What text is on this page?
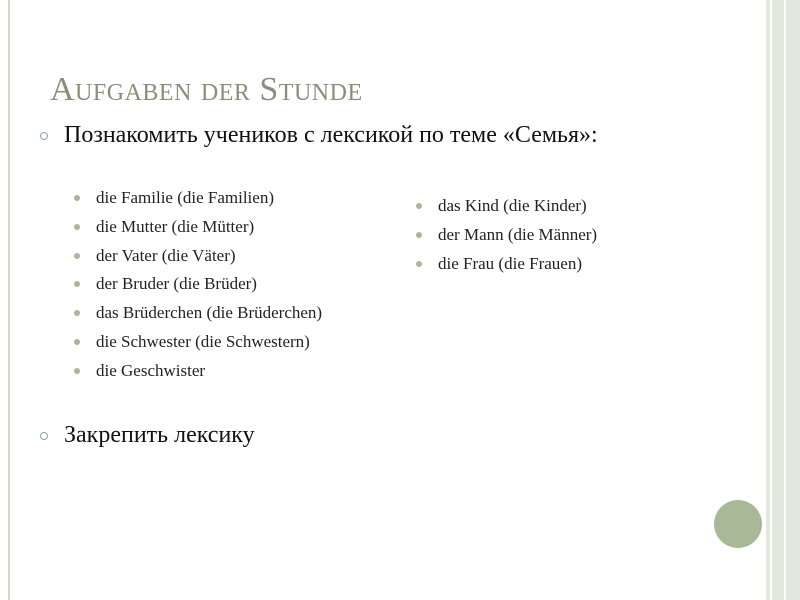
Aufgaben der Stunde

Познакомить учеников с лексикой по теме «Семья»:

die Familie (die Familien)
die Mutter (die Mütter)
der Vater (die Väter)
der Bruder (die Brüder)
das Brüderchen (die Brüderchen)
die Schwester (die Schwestern)
die Geschwister
das Kind (die Kinder)
der Mann (die Männer)
die Frau (die Frauen)

Закрепить лексику
